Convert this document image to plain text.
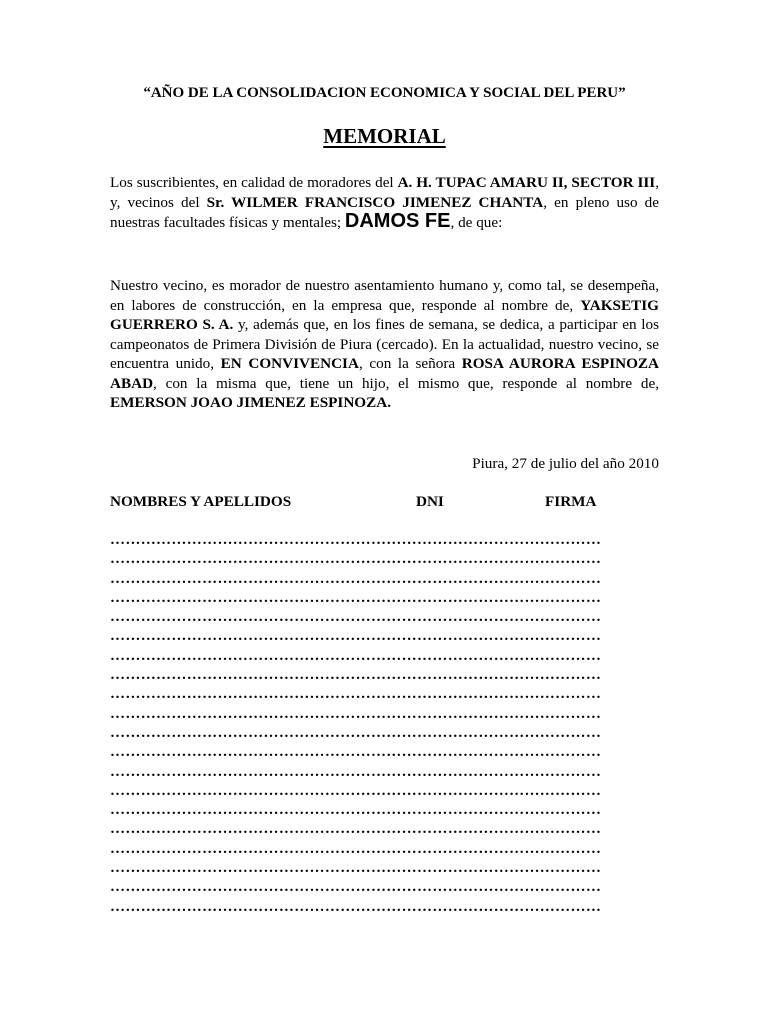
“AÑO DE LA CONSOLIDACION ECONOMICA Y SOCIAL DEL PERU”
MEMORIAL
Los suscribientes, en calidad de moradores del A. H. TUPAC AMARU II, SECTOR III, y, vecinos del Sr. WILMER FRANCISCO JIMENEZ CHANTA, en pleno uso de nuestras facultades físicas y mentales; DAMOS FE, de que:
Nuestro vecino, es morador de nuestro asentamiento humano y, como tal, se desempeña, en labores de construcción, en la empresa que, responde al nombre de, YAKSETIG GUERRERO S. A. y, además que, en los fines de semana, se dedica, a participar en los campeonatos de Primera División de Piura (cercado). En la actualidad, nuestro vecino, se encuentra unido, EN CONVIVENCIA, con la señora ROSA AURORA ESPINOZA ABAD, con la misma que, tiene un hijo, el mismo que, responde al nombre de, EMERSON JOAO JIMENEZ ESPINOZA.
Piura, 27 de julio del año 2010
NOMBRES Y APELLIDOS	DNI	FIRMA
……………………………………………………………………………………
……………………………………………………………………………………
……………………………………………………………………………………
……………………………………………………………………………………
……………………………………………………………………………………
……………………………………………………………………………………
……………………………………………………………………………………
……………………………………………………………………………………
……………………………………………………………………………………
……………………………………………………………………………………
……………………………………………………………………………………
……………………………………………………………………………………
……………………………………………………………………………………
……………………………………………………………………………………
……………………………………………………………………………………
……………………………………………………………………………………
……………………………………………………………………………………
……………………………………………………………………………………
……………………………………………………………………………………
……………………………………………………………………………………
